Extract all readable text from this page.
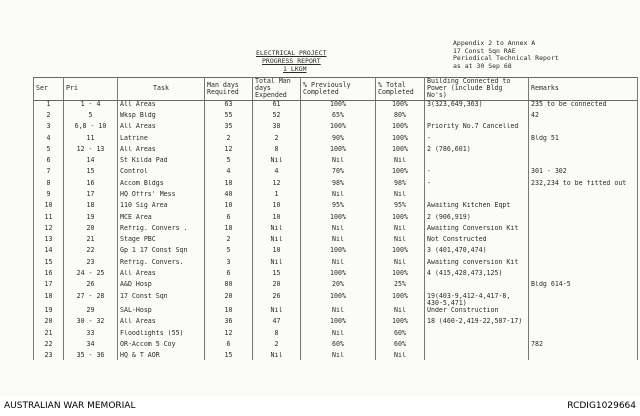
ELECTRICAL PROJECT
PROGRESS REPORT
1 LKGM
Appendix 2 to Annex A
17 Const Sqn RAE
Periodical Technical Report
as at 30 Sep 68
Ser	Pri	Task	Man days Required	Total Man days Expended	% Previously Completed	% Total Completed	Building Connected to Power (include Bldg No's)	Remarks
1	1 - 4	All Areas	63	61	100%	100%	3(323,649,363)	235 to be connected
2	5	Wksp Bldg	55	52	65%	80%		42
3	6,8 - 10	All Areas	35	38	100%	100%	Priority No.7 Cancelled	
4	11	Latrine	2	2	90%	100%	-	Bldg 51
5	12 - 13	All Areas	12	8	100%	100%	2 (786,601)	
6	14	St Kilda Pad	5	Nil	Nil	Nil		
7	15	Control	4	4	70%	100%	-	301 - 302
8	16	Accom Bldgs	18	12	98%	98%	-	232,234 to be fitted out
9	17	HQ Offrs' Mess	40	1	Nil	Nil		
10	18	110 Sig Area	10	10	95%	95%	Awaiting Kitchen Eqpt	
11	19	MCE Area	6	10	100%	100%	2 (906,919)	
12	20	Refrig. Convers .	18	Nil	Nil	Nil	Awaiting Conversion Kit	
13	21	Stage PBC	2	Nil	Nil	Nil	Not Constructed	
14	22	Gp 1 17 Const Sqn	5	10	100%	100%	3 (401,470,474)	
15	23	Refrig. Convers.	3	Nil	Nil	Nil	Awaiting conversion Kit	
16	24 - 25	All Areas	6	15	100%	100%	4 (415,428,473,125)	
17	26	A&D Hosp	80	20	20%	25%		Bldg 614-5
18	27 - 28	17 Const Sqn	20	26	100%	100%	19(403-9,412-4,417-8, 430-5,471)	
19	29	SAL-Hosp	10	Nil	Nil	Nil	Under Construction	
20	30 - 32	All Areas	36	47	100%	100%	18 (460-2,419-22,507-17)	
21	33	Floodlights (55)	12	8	Nil	60%		
22	34	OR-Accom 5 Coy	6	2	60%	60%		782
23	35 - 36	HQ & T AOR	15	Nil	Nil	Nil		
AUSTRALIAN WAR MEMORIAL	RCDIG1029664
